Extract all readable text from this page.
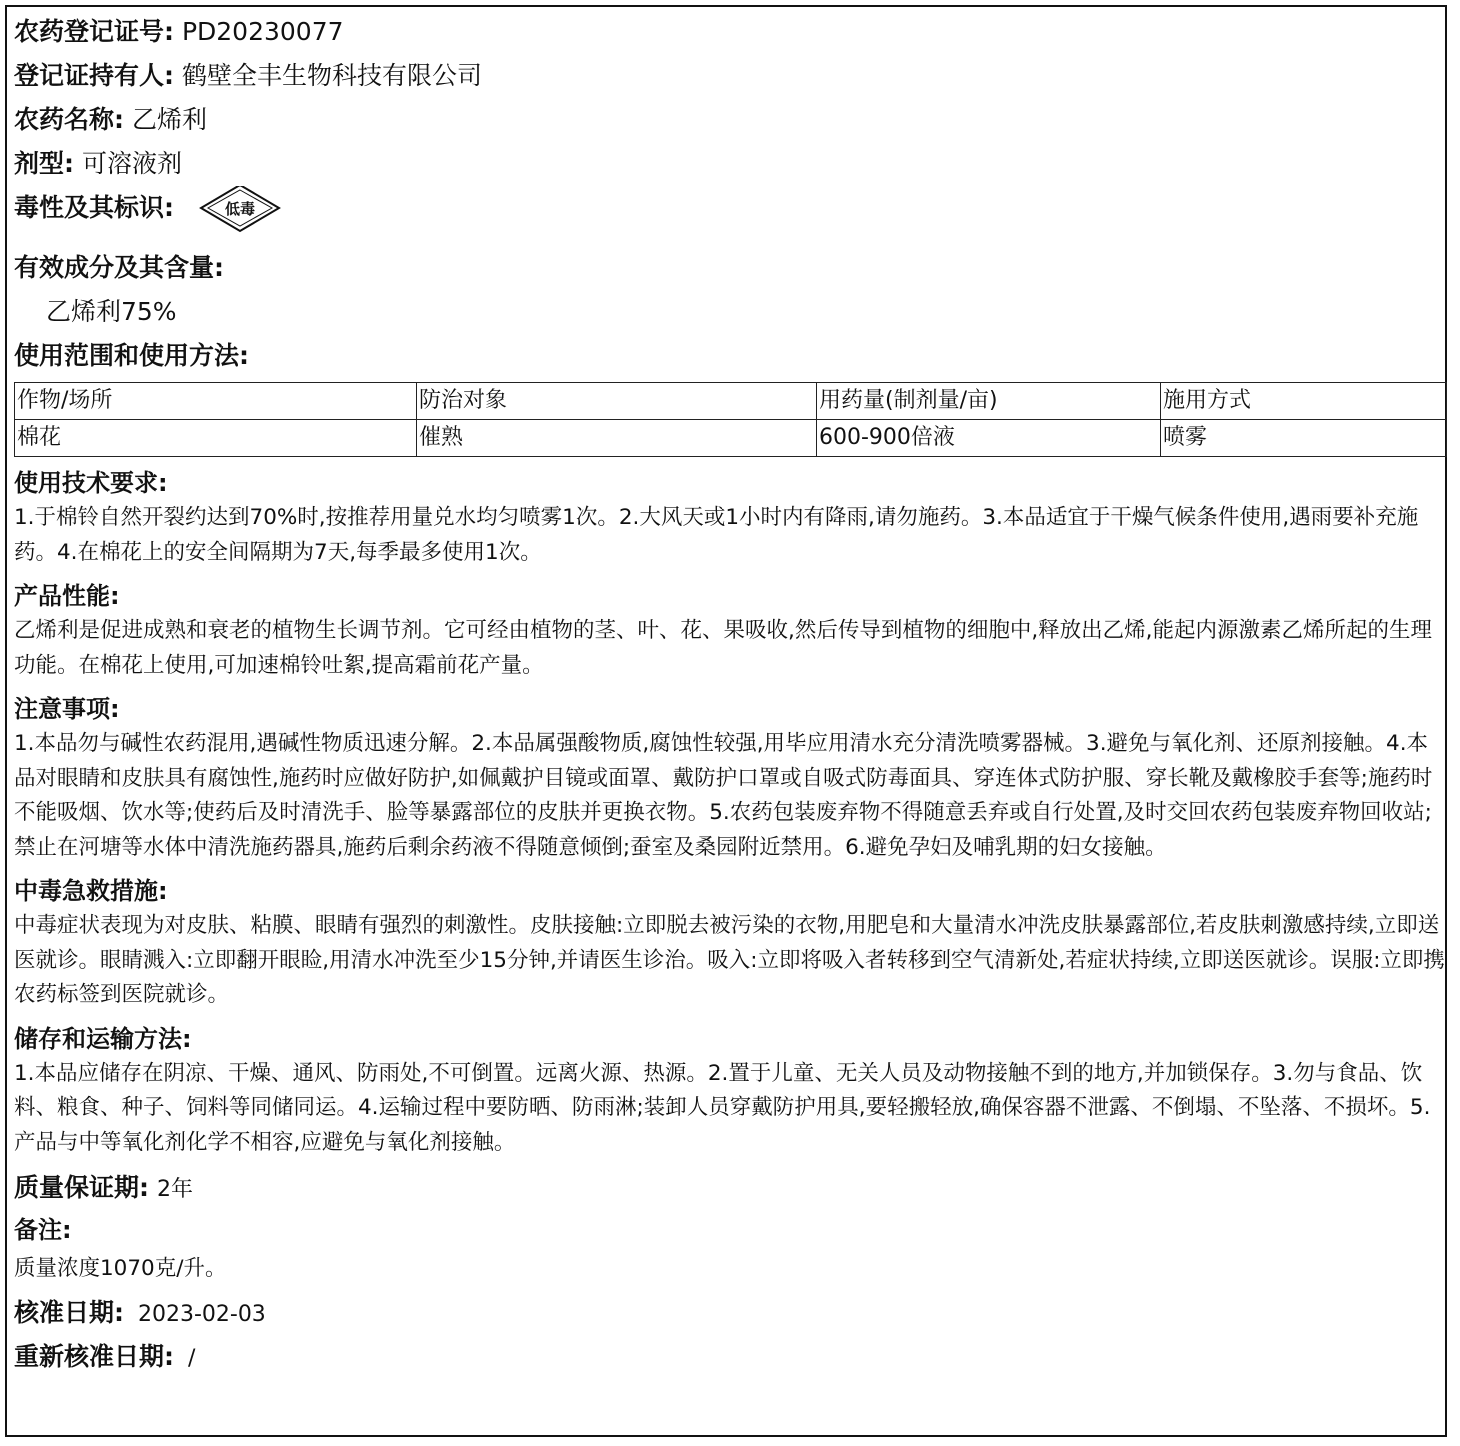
农药登记证号: PD20230077
登记证持有人: 鹤壁全丰生物科技有限公司
农药名称: 乙烯利
剂型: 可溶液剂
毒性及其标识:	低毒
有效成分及其含量:
乙烯利75%
使用范围和使用方法:
作物/场所	防治对象	用药量(制剂量/亩)	施用方式
棉花	催熟	600-900倍液	喷雾
使用技术要求:

1.于棉铃自然开裂约达到70%时,按推荐用量兑水均匀喷雾1次。2.大风天或1小时内有降雨,请勿施药。3.本品适宜于干燥气候条件使用,遇雨要补充施药。4.在棉花上的安全间隔期为7天,每季最多使用1次。

产品性能:

乙烯利是促进成熟和衰老的植物生长调节剂。它可经由植物的茎、叶、花、果吸收,然后传导到植物的细胞中,释放出乙烯,能起内源激素乙烯所起的生理功能。在棉花上使用,可加速棉铃吐絮,提高霜前花产量。

注意事项:

1.本品勿与碱性农药混用,遇碱性物质迅速分解。2.本品属强酸物质,腐蚀性较强,用毕应用清水充分清洗喷雾器械。3.避免与氧化剂、还原剂接触。4.本品对眼睛和皮肤具有腐蚀性,施药时应做好防护,如佩戴护目镜或面罩、戴防护口罩或自吸式防毒面具、穿连体式防护服、穿长靴及戴橡胶手套等;施药时不能吸烟、饮水等;使药后及时清洗手、脸等暴露部位的皮肤并更换衣物。5.农药包装废弃物不得随意丢弃或自行处置,及时交回农药包装废弃物回收站;禁止在河塘等水体中清洗施药器具,施药后剩余药液不得随意倾倒;蚕室及桑园附近禁用。6.避免孕妇及哺乳期的妇女接触。

中毒急救措施:

中毒症状表现为对皮肤、粘膜、眼睛有强烈的刺激性。皮肤接触:立即脱去被污染的衣物,用肥皂和大量清水冲洗皮肤暴露部位,若皮肤刺激感持续,立即送医就诊。眼睛溅入:立即翻开眼睑,用清水冲洗至少15分钟,并请医生诊治。吸入:立即将吸入者转移到空气清新处,若症状持续,立即送医就诊。误服:立即携农药标签到医院就诊。

储存和运输方法:

1.本品应储存在阴凉、干燥、通风、防雨处,不可倒置。远离火源、热源。2.置于儿童、无关人员及动物接触不到的地方,并加锁保存。3.勿与食品、饮料、粮食、种子、饲料等同储同运。4.运输过程中要防晒、防雨淋;装卸人员穿戴防护用具,要轻搬轻放,确保容器不泄露、不倒塌、不坠落、不损坏。5.产品与中等氧化剂化学不相容,应避免与氧化剂接触。

质量保证期: 2年
备注:

质量浓度1070克/升。

核准日期: 2023-02-03
重新核准日期: /
